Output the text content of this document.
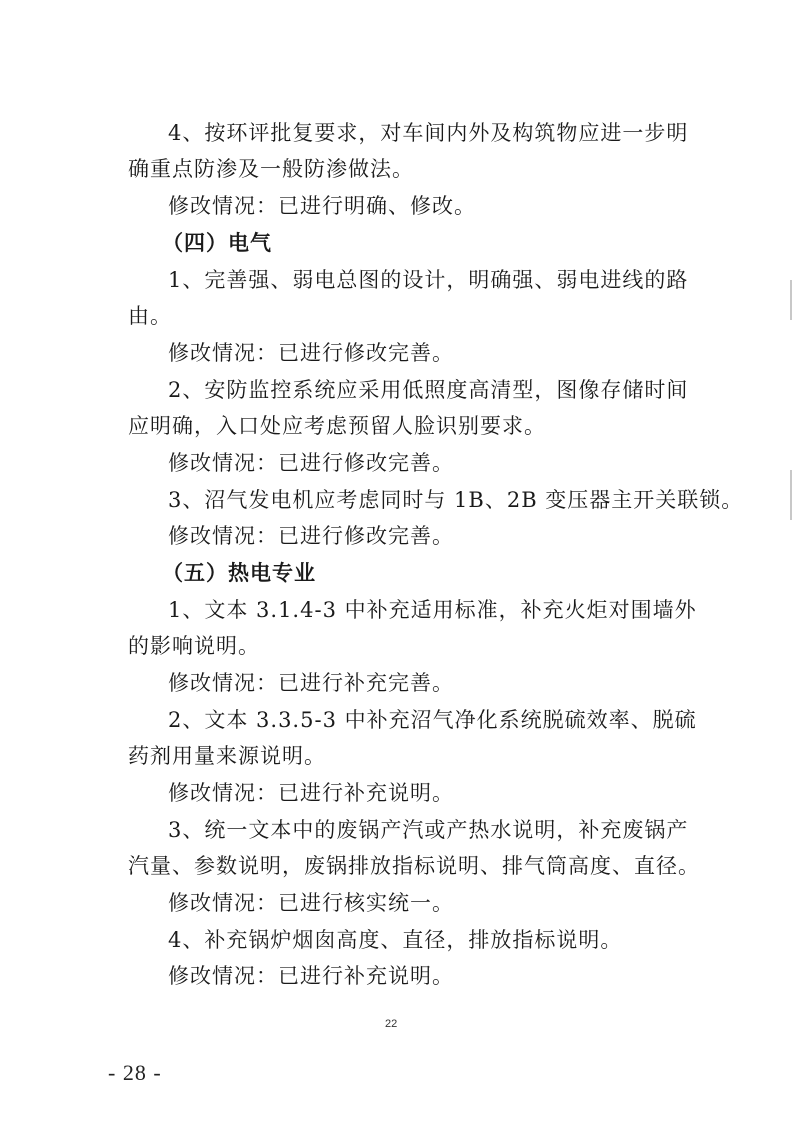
4、按环评批复要求，对车间内外及构筑物应进一步明
确重点防渗及一般防渗做法。
修改情况：已进行明确、修改。
（四）电气
1、完善强、弱电总图的设计，明确强、弱电进线的路
由。
修改情况：已进行修改完善。
2、安防监控系统应采用低照度高清型，图像存储时间
应明确，入口处应考虑预留人脸识别要求。
修改情况：已进行修改完善。
3、沼气发电机应考虑同时与 1B、2B 变压器主开关联锁。
修改情况：已进行修改完善。
（五）热电专业
1、文本 3.1.4-3 中补充适用标准，补充火炬对围墙外
的影响说明。
修改情况：已进行补充完善。
2、文本 3.3.5-3 中补充沼气净化系统脱硫效率、脱硫
药剂用量来源说明。
修改情况：已进行补充说明。
3、统一文本中的废锅产汽或产热水说明，补充废锅产
汽量、参数说明，废锅排放指标说明、排气筒高度、直径。
修改情况：已进行核实统一。
4、补充锅炉烟囱高度、直径，排放指标说明。
修改情况：已进行补充说明。
22
- 28 -
